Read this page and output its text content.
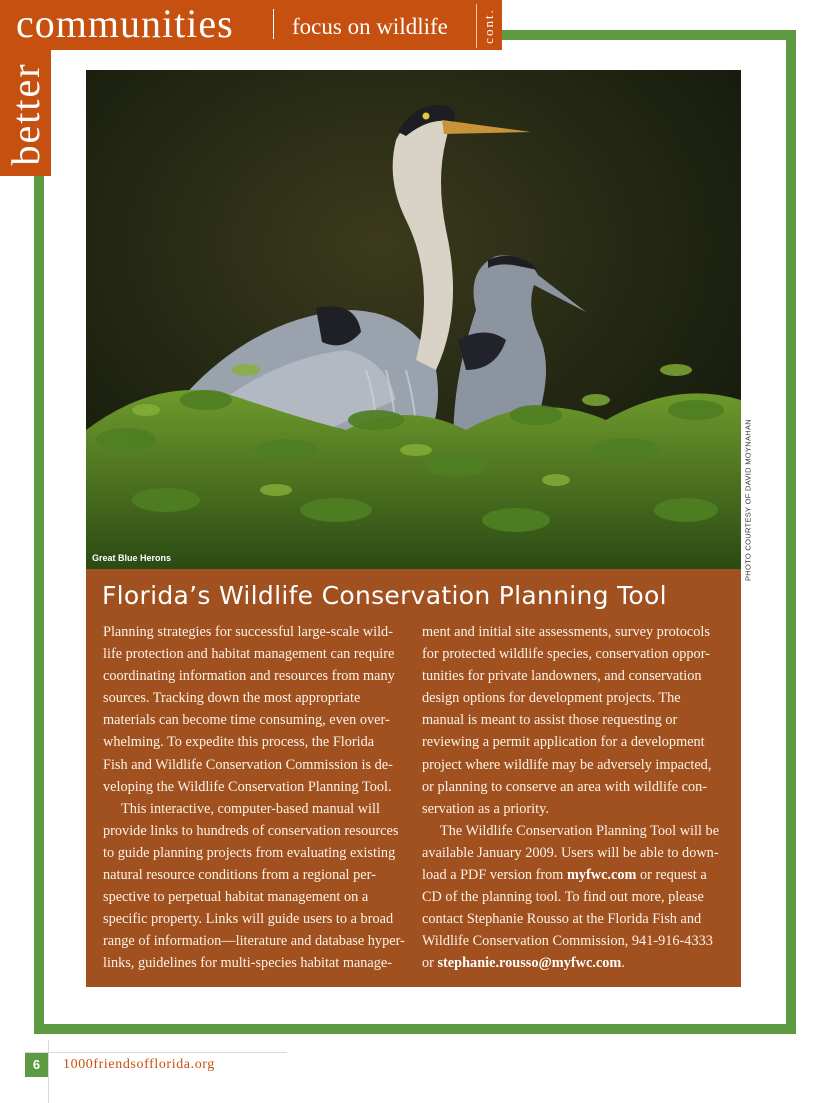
communities	focus on wildlife	cont.
better
Great Blue Herons	PHOTO COURTESY OF DAVID MOYNAHAN
Florida’s Wildlife Conservation Planning Tool

Planning strategies for successful large-scale wild-
life protection and habitat management can require
coordinating information and resources from many
sources. Tracking down the most appropriate
materials can become time consuming, even over-
whelming. To expedite this process, the Florida
Fish and Wildlife Conservation Commission is de-
veloping the Wildlife Conservation Planning Tool.

This interactive, computer-based manual will
provide links to hundreds of conservation resources
to guide planning projects from evaluating existing
natural resource conditions from a regional per-
spective to perpetual habitat management on a
specific property. Links will guide users to a broad
range of information—literature and database hyper-
links, guidelines for multi-species habitat manage-

ment and initial site assessments, survey protocols
for protected wildlife species, conservation oppor-
tunities for private landowners, and conservation
design options for development projects. The
manual is meant to assist those requesting or
reviewing a permit application for a development
project where wildlife may be adversely impacted,
or planning to conserve an area with wildlife con-
servation as a priority.

The Wildlife Conservation Planning Tool will be
available January 2009. Users will be able to down-
load a PDF version from myfwc.com or request a
CD of the planning tool. To find out more, please
contact Stephanie Rousso at the Florida Fish and
Wildlife Conservation Commission, 941-916-4333
or stephanie.rousso@myfwc.com.

6	1000friendsofflorida.org
